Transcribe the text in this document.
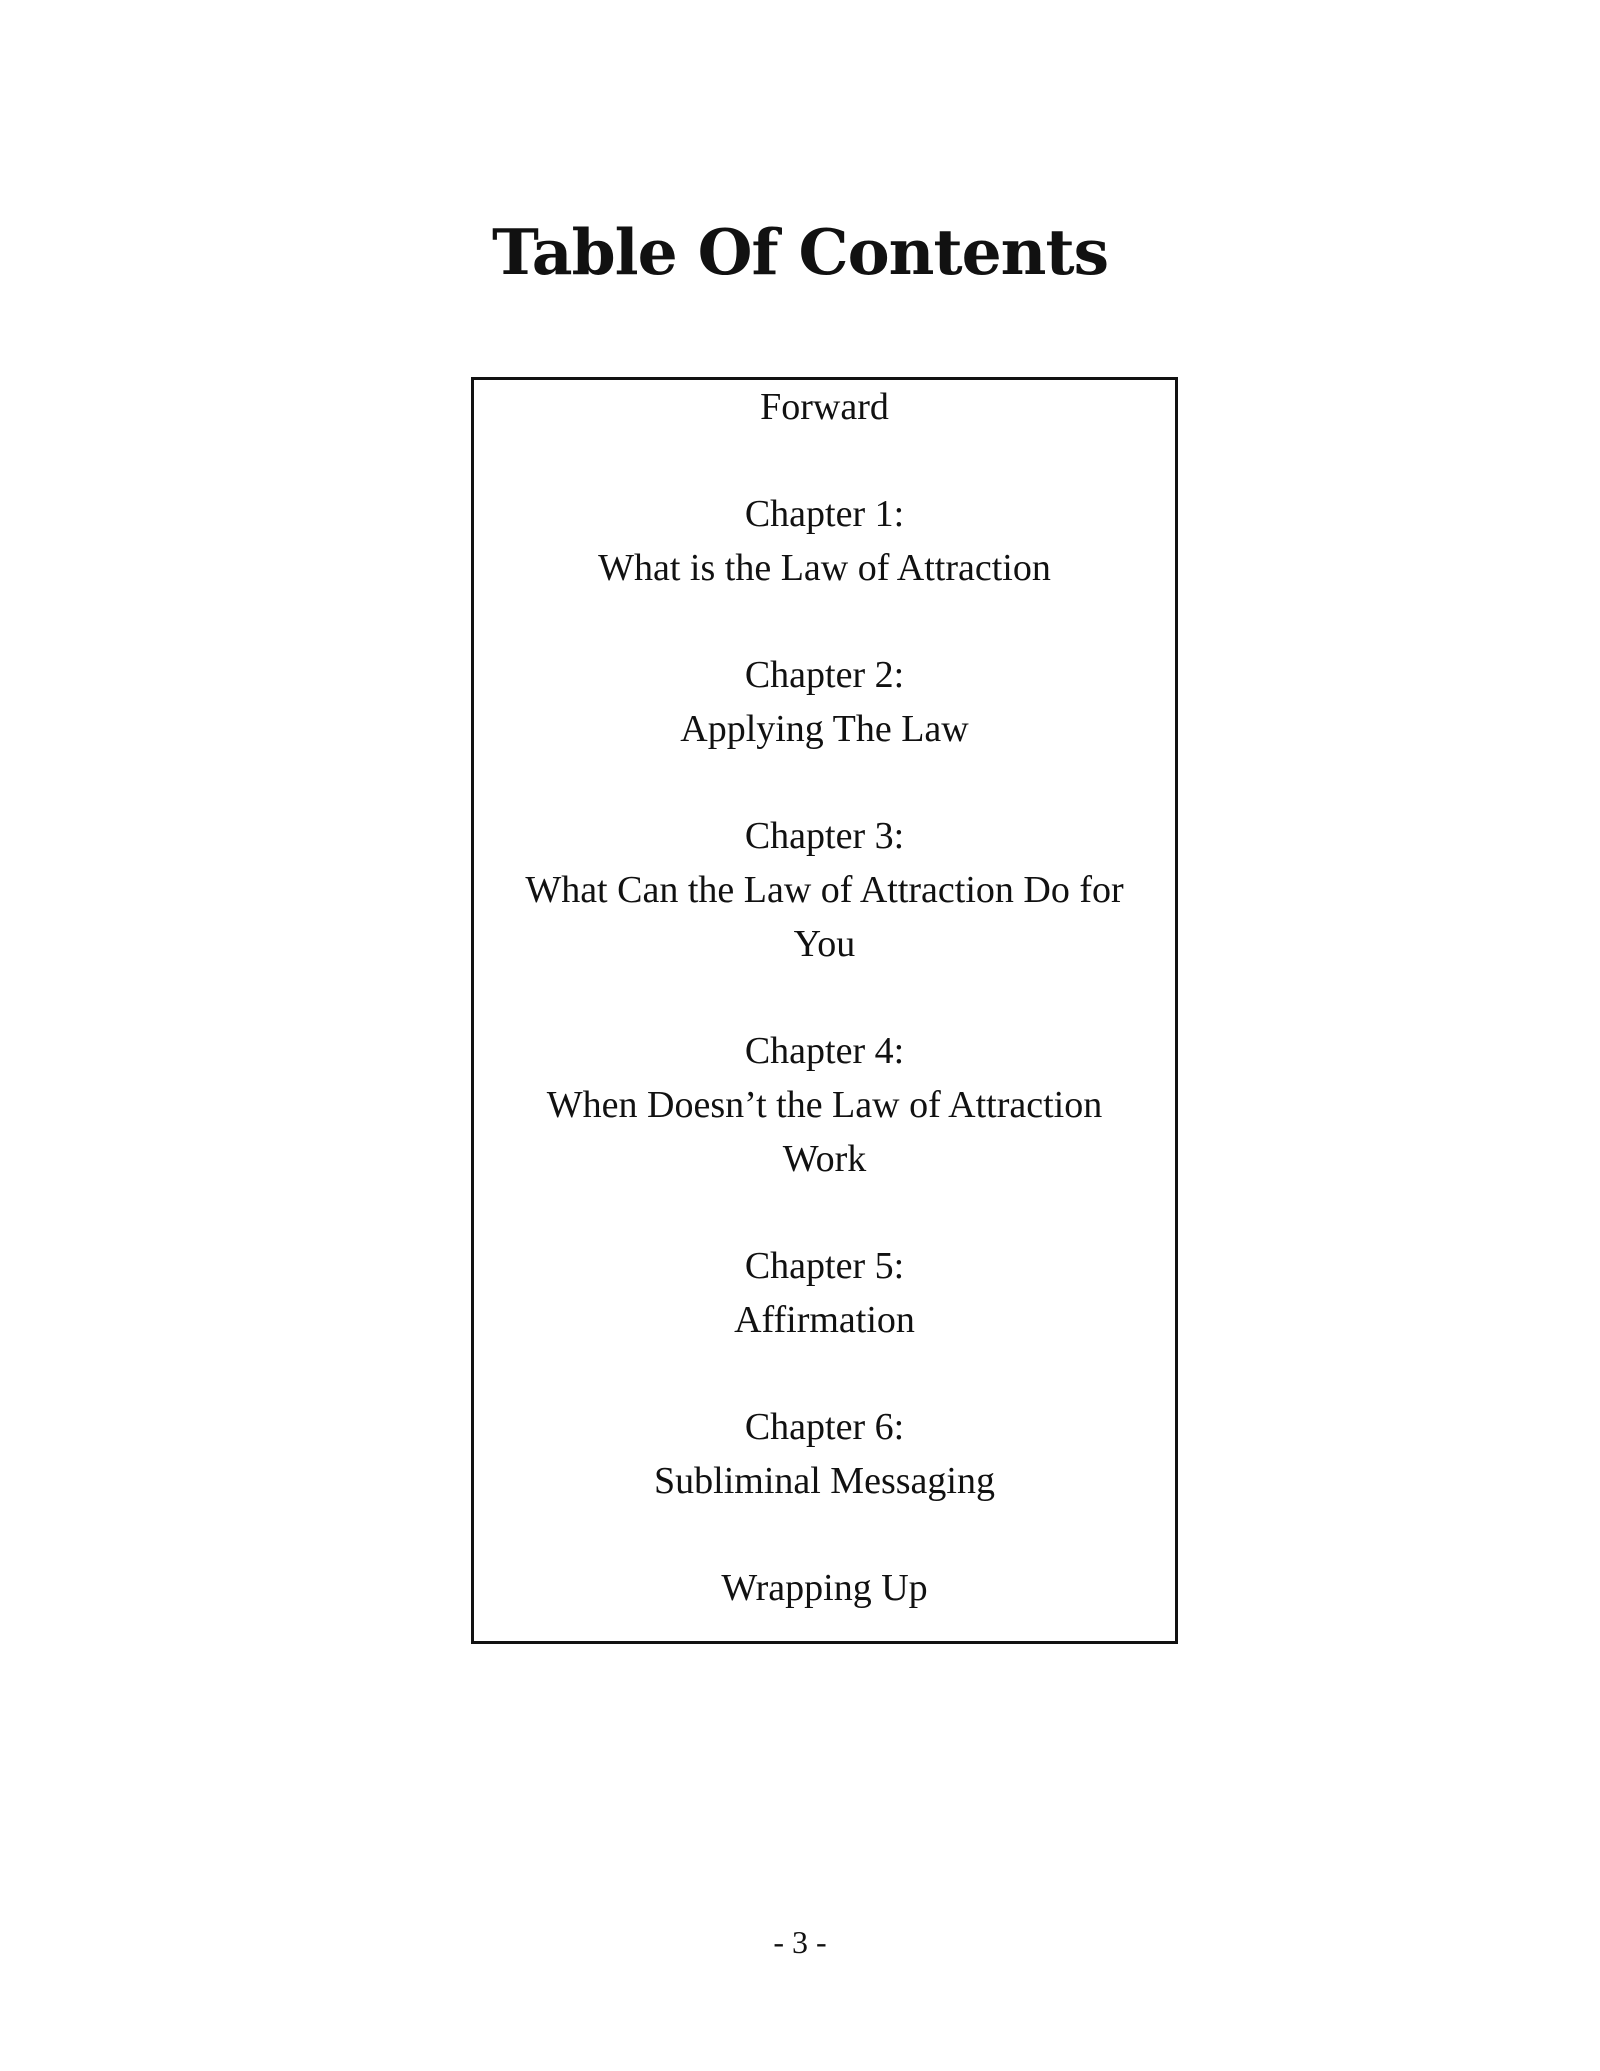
Table Of Contents
Forward
Chapter 1:
What is the Law of Attraction
Chapter 2:
Applying The Law
Chapter 3:
What Can the Law of Attraction Do for
You
Chapter 4:
When Doesn’t the Law of Attraction
Work
Chapter 5:
Affirmation
Chapter 6:
Subliminal Messaging
Wrapping Up
- 3 -
